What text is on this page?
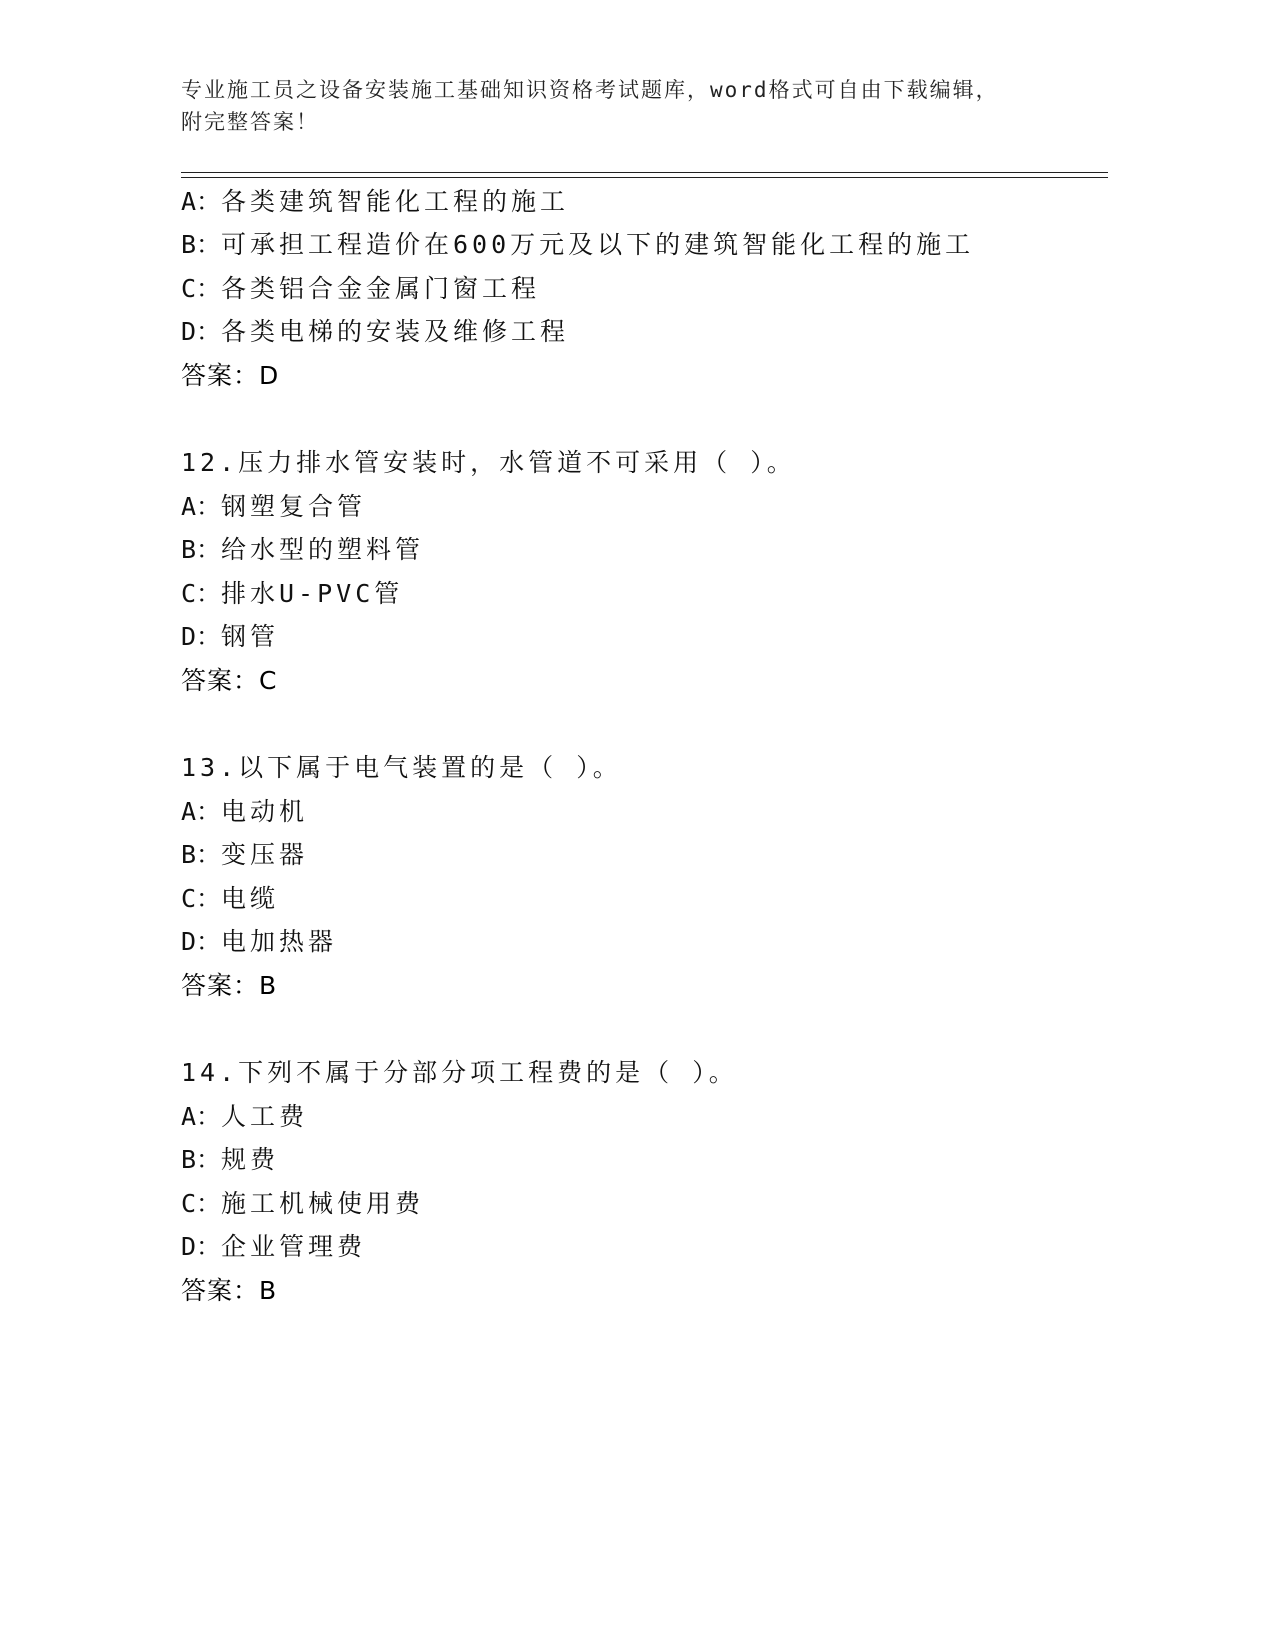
专业施工员之设备安装施工基础知识资格考试题库，word格式可自由下载编辑，
附完整答案！
A：各类建筑智能化工程的施工
B：可承担工程造价在600万元及以下的建筑智能化工程的施工
C：各类铝合金金属门窗工程
D：各类电梯的安装及维修工程
答案：D
12.压力排水管安装时，水管道不可采用（ ）。
A：钢塑复合管
B：给水型的塑料管
C：排水U-PVC管
D：钢管
答案：C
13.以下属于电气装置的是（ ）。
A：电动机
B：变压器
C：电缆
D：电加热器
答案：B
14.下列不属于分部分项工程费的是（ ）。
A：人工费
B：规费
C：施工机械使用费
D：企业管理费
答案：B
